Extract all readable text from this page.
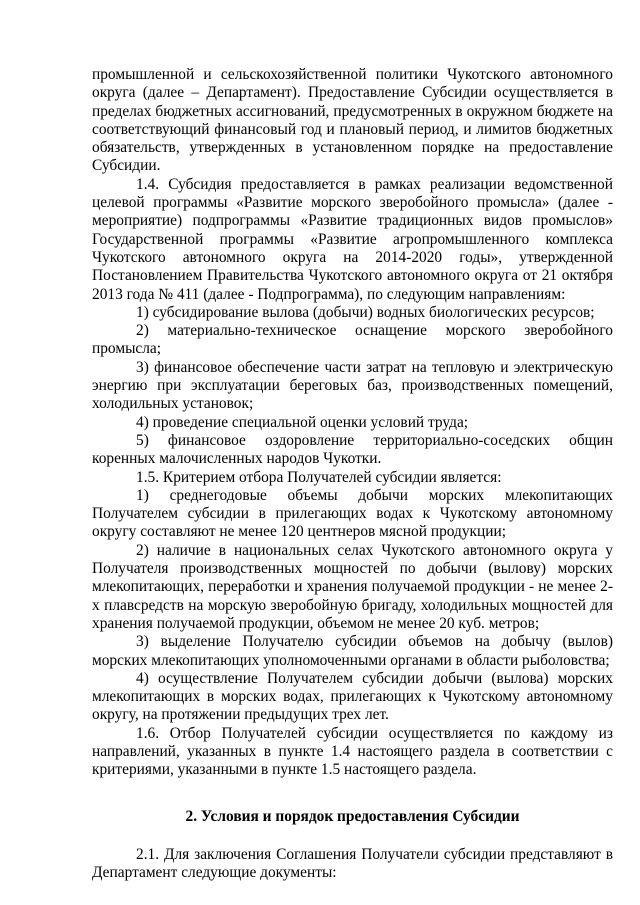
промышленной и сельскохозяйственной политики Чукотского автономного округа (далее – Департамент). Предоставление Субсидии осуществляется в пределах бюджетных ассигнований, предусмотренных в окружном бюджете на соответствующий финансовый год и плановый период, и лимитов бюджетных обязательств, утвержденных в установленном порядке на предоставление Субсидии.

1.4. Субсидия предоставляется в рамках реализации ведомственной целевой программы «Развитие морского зверобойного промысла» (далее - мероприятие) подпрограммы «Развитие традиционных видов промыслов» Государственной программы «Развитие агропромышленного комплекса Чукотского автономного округа на 2014-2020 годы», утвержденной Постановлением Правительства Чукотского автономного округа от 21 октября 2013 года № 411 (далее - Подпрограмма), по следующим направлениям:

1) субсидирование вылова (добычи) водных биологических ресурсов;

2) материально-техническое оснащение морского зверобойного промысла;

3) финансовое обеспечение части затрат на тепловую и электрическую энергию при эксплуатации береговых баз, производственных помещений, холодильных установок;

4) проведение специальной оценки условий труда;

5) финансовое оздоровление территориально-соседских общин коренных малочисленных народов Чукотки.

1.5. Критерием отбора Получателей субсидии является:

1) среднегодовые объемы добычи морских млекопитающих Получателем субсидии в прилегающих водах к Чукотскому автономному округу составляют не менее 120 центнеров мясной продукции;

2) наличие в национальных селах Чукотского автономного округа у Получателя производственных мощностей по добычи (вылову) морских млекопитающих, переработки и хранения получаемой продукции - не менее 2-х плавсредств на морскую зверобойную бригаду, холодильных мощностей для хранения получаемой продукции, объемом не менее 20 куб. метров;

3) выделение Получателю субсидии объемов на добычу (вылов) морских млекопитающих уполномоченными органами в области рыболовства;

4) осуществление Получателем субсидии добычи (вылова) морских млекопитающих в морских водах, прилегающих к Чукотскому автономному округу, на протяжении предыдущих трех лет.

1.6. Отбор Получателей субсидии осуществляется по каждому из направлений, указанных в пункте 1.4 настоящего раздела в соответствии с критериями, указанными в пункте 1.5 настоящего раздела.

2. Условия и порядок предоставления Субсидии

2.1. Для заключения Соглашения Получатели субсидии представляют в Департамент следующие документы:
